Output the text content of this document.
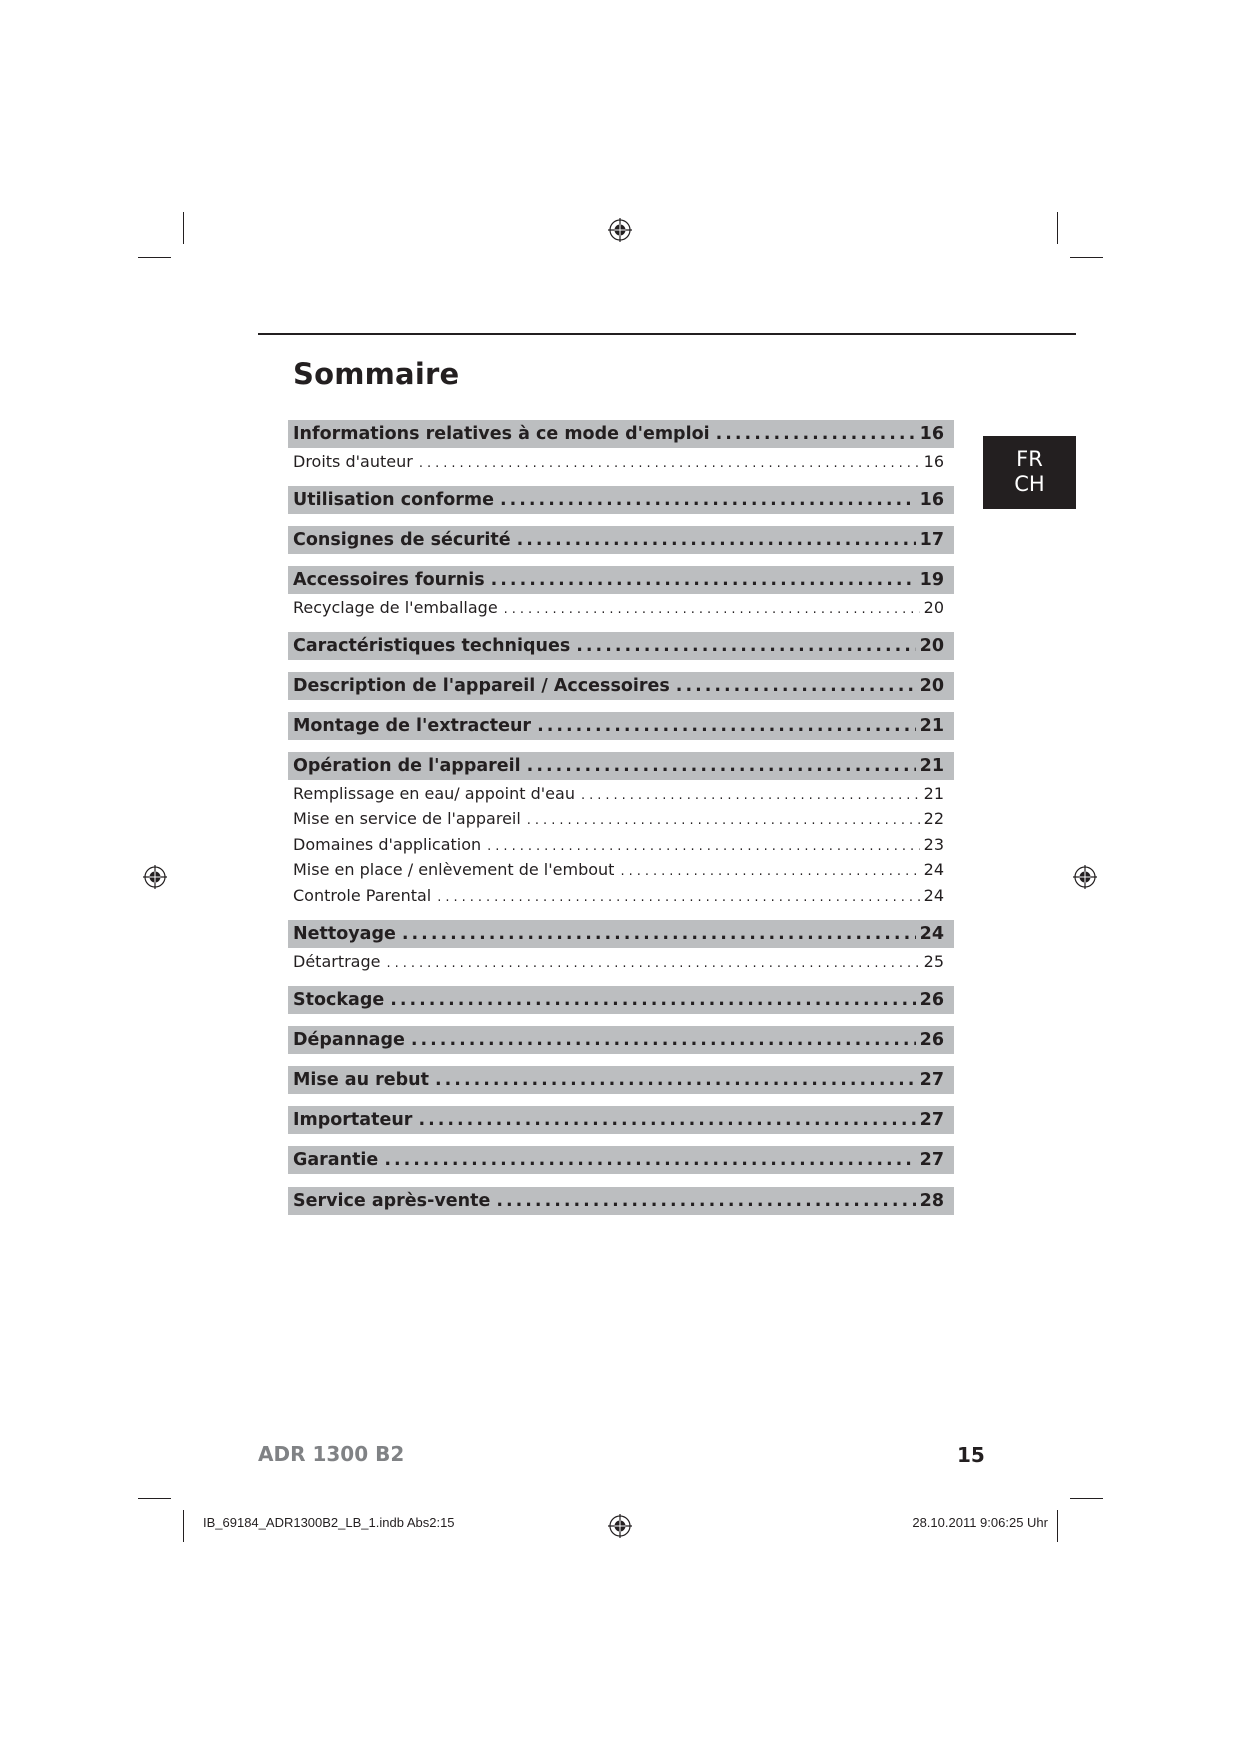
Sommaire
FR
CH
Informations relatives à ce mode d'emploi .....	16
Droits d'auteur .....	16
Utilisation conforme .....	16
Consignes de sécurité .....	17
Accessoires fournis .....	19
Recyclage de l'emballage .....	20
Caractéristiques techniques .....	20
Description de l'appareil / Accessoires .....	20
Montage de l'extracteur .....	21
Opération de l'appareil .....	21
Remplissage en eau/ appoint d'eau .....	21
Mise en service de l'appareil .....	22
Domaines d'application .....	23
Mise en place / enlèvement de l'embout .....	24
Controle Parental .....	24
Nettoyage .....	24
Détartrage .....	25
Stockage .....	26
Dépannage .....	26
Mise au rebut .....	27
Importateur .....	27
Garantie .....	27
Service après-vente .....	28
ADR 1300 B2	15
IB_69184_ADR1300B2_LB_1.indb Abs2:15	28.10.2011 9:06:25 Uhr
